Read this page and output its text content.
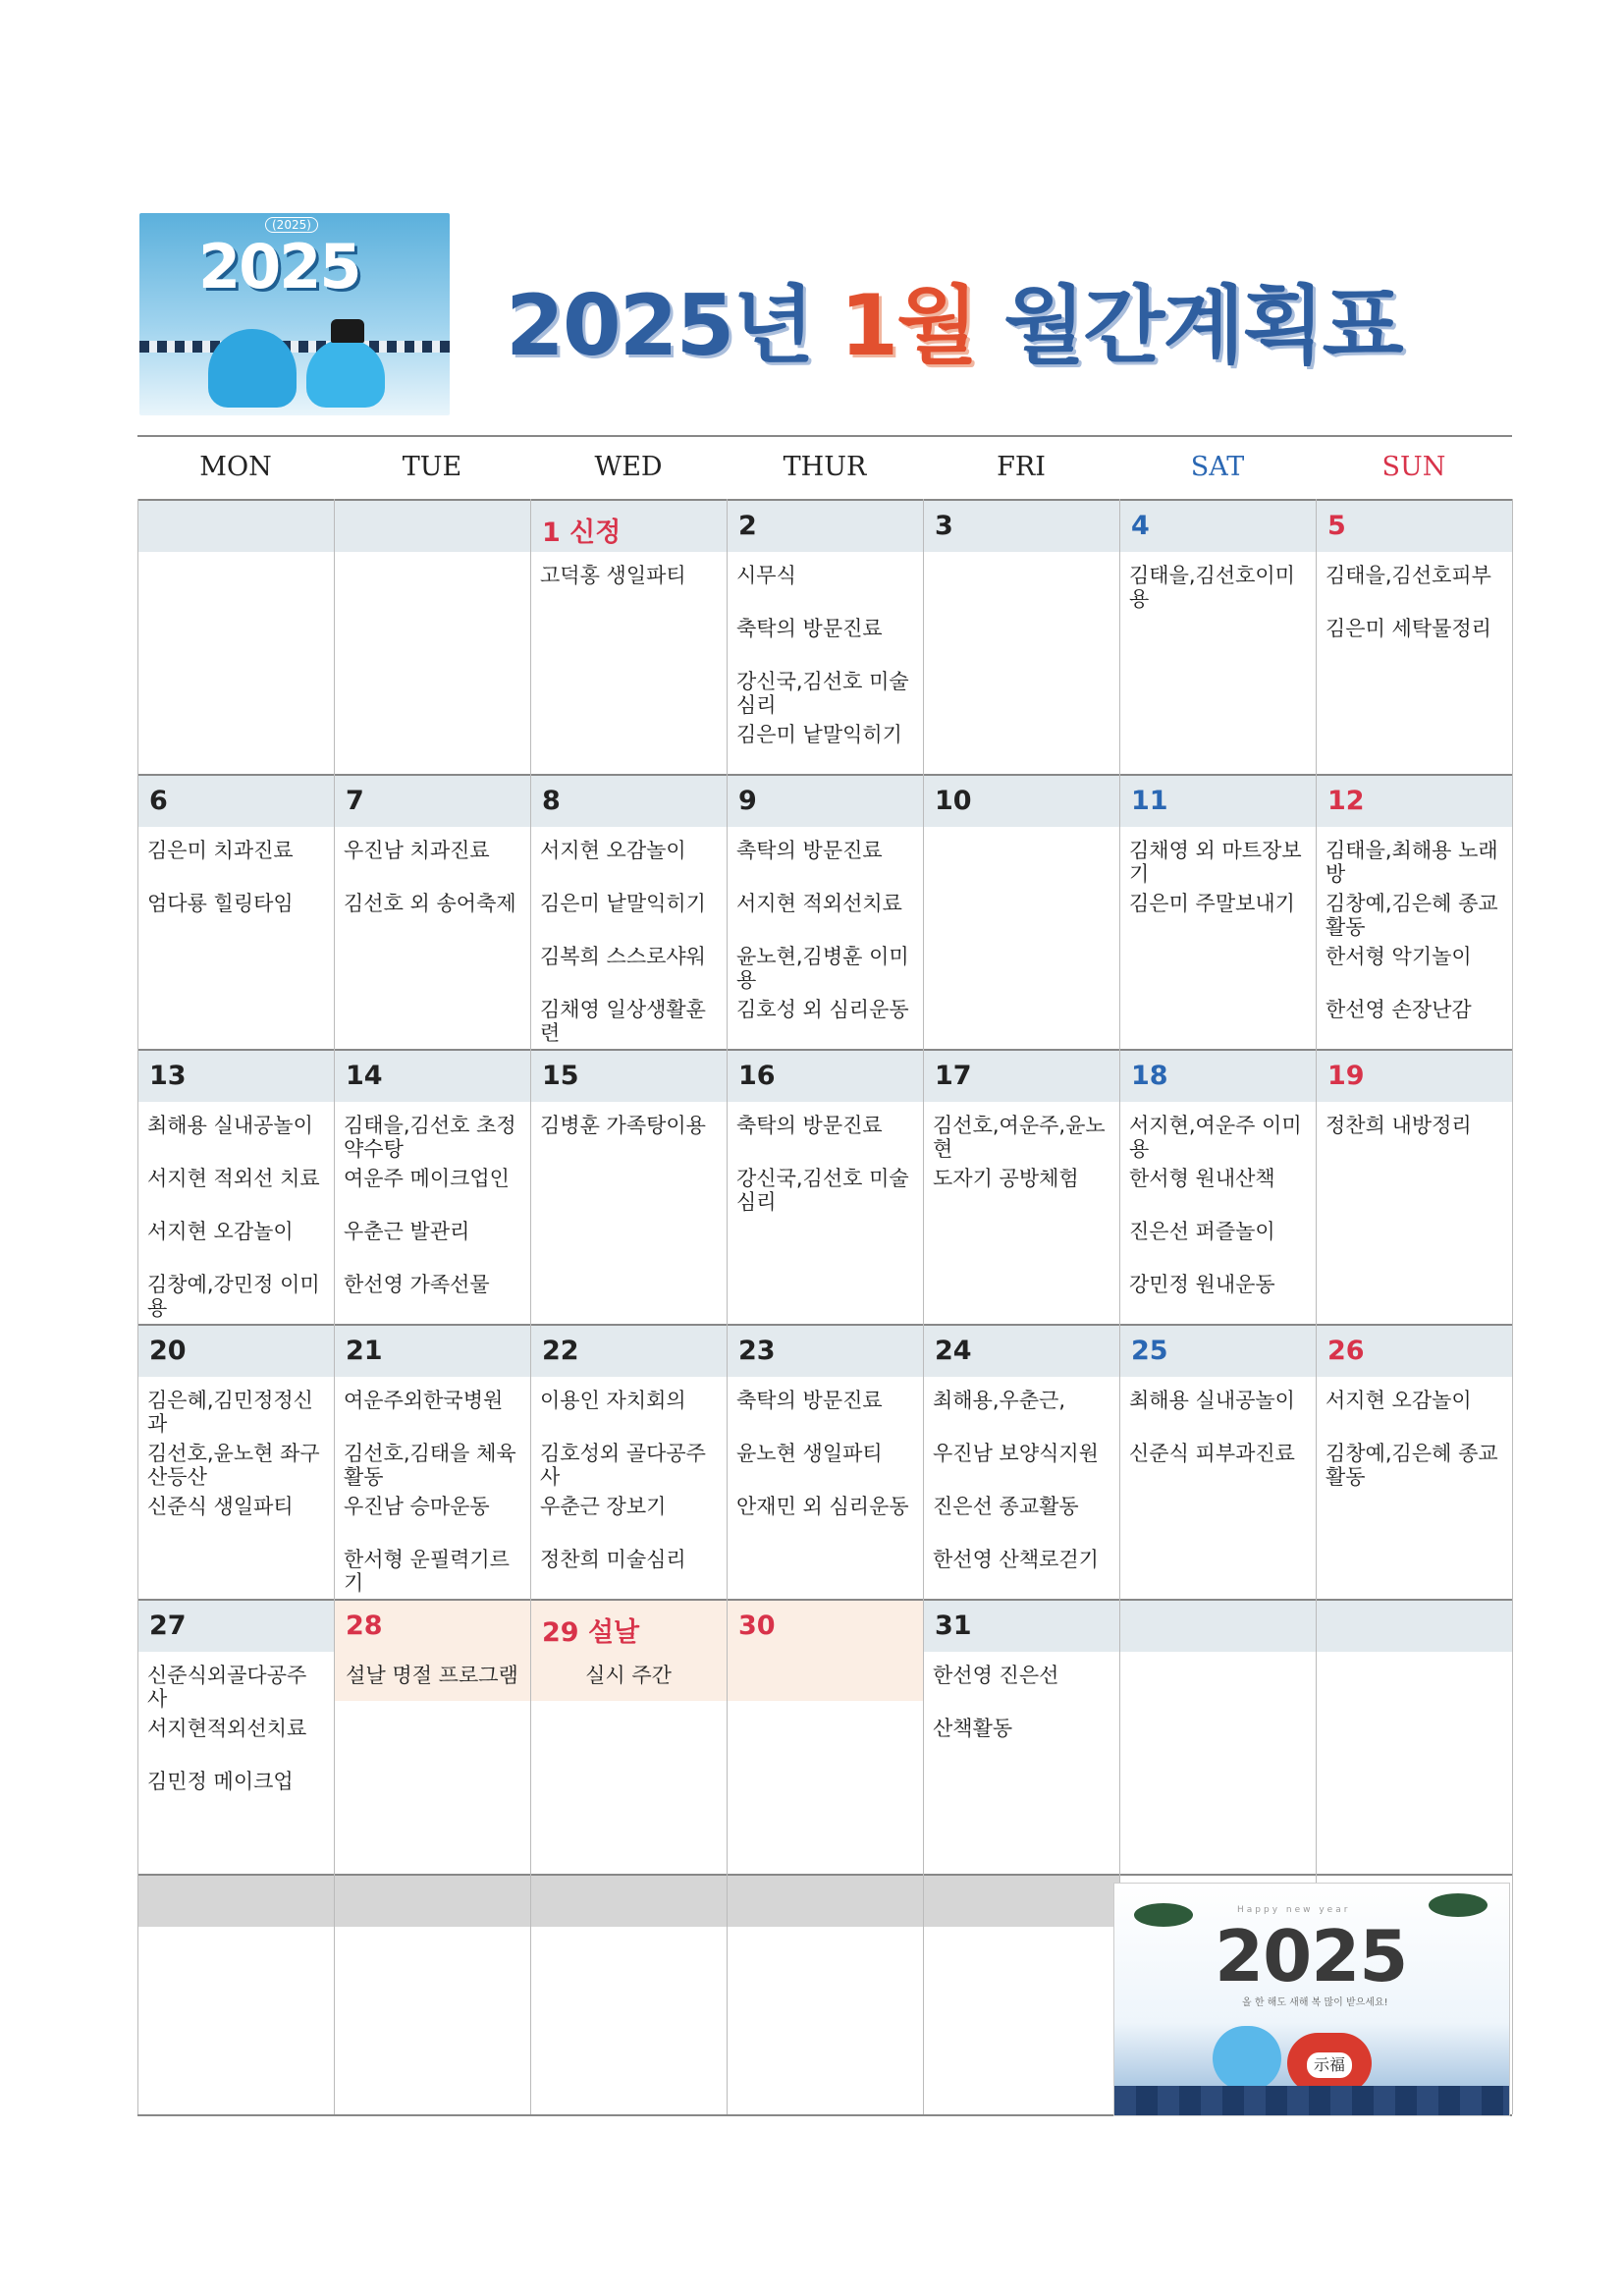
(2025)
2025
2025년 1월 월간계획표
MON	TUE	WED	THUR	FRI	SAT	SUN
1 신정
고덕홍 생일파티
2
시무식
축탁의 방문진료
강신국,김선호 미술심리
김은미 낱말익히기
3	4
김태을,김선호이미용
5
김태을,김선호피부
김은미 세탁물정리
6
김은미 치과진료
엄다룡 힐링타임
7
우진남 치과진료
김선호 외 송어축제
8
서지현 오감놀이
김은미 낱말익히기
김복희 스스로샤워
김채영 일상생활훈련
9
촉탁의 방문진료
서지현 적외선치료
윤노현,김병훈 이미용
김호성 외 심리운동
10	11
김채영 외 마트장보기
김은미 주말보내기
12
김태을,최해용 노래방
김창예,김은혜 종교활동
한서형 악기놀이
한선영 손장난감
13
최해용 실내공놀이
서지현 적외선 치료
서지현 오감놀이
김창예,강민정 이미용
14
김태을,김선호 초정약수탕
여운주 메이크업인
우춘근 발관리
한선영 가족선물
15
김병훈 가족탕이용
16
축탁의 방문진료
강신국,김선호 미술심리
17
김선호,여운주,윤노현
도자기 공방체험
18
서지현,여운주 이미용
한서형 원내산책
진은선 퍼즐놀이
강민정 원내운동
19
정찬희 내방정리
20
김은혜,김민정정신과
김선호,윤노현 좌구산등산
신준식 생일파티
21
여운주외한국병원
김선호,김태을 체육활동
우진남 승마운동
한서형 운필력기르기
22
이용인 자치회의
김호성외 골다공주사
우춘근 장보기
정찬희 미술심리
23
축탁의 방문진료
윤노현 생일파티
안재민 외 심리운동
24
최해용,우춘근,
우진남 보양식지원
진은선 종교활동
한선영 산책로걷기
25
최해용 실내공놀이
신준식 피부과진료
26
서지현 오감놀이
김창예,김은혜 종교활동
27
신준식외골다공주사
서지현적외선치료
김민정 메이크업
28
설날 명절 프로그램
29 설날
실시 주간
30	31
한선영 진은선
산책활동
Happy new year
2025
올 한 해도 새해 복 많이 받으세요!
示福
